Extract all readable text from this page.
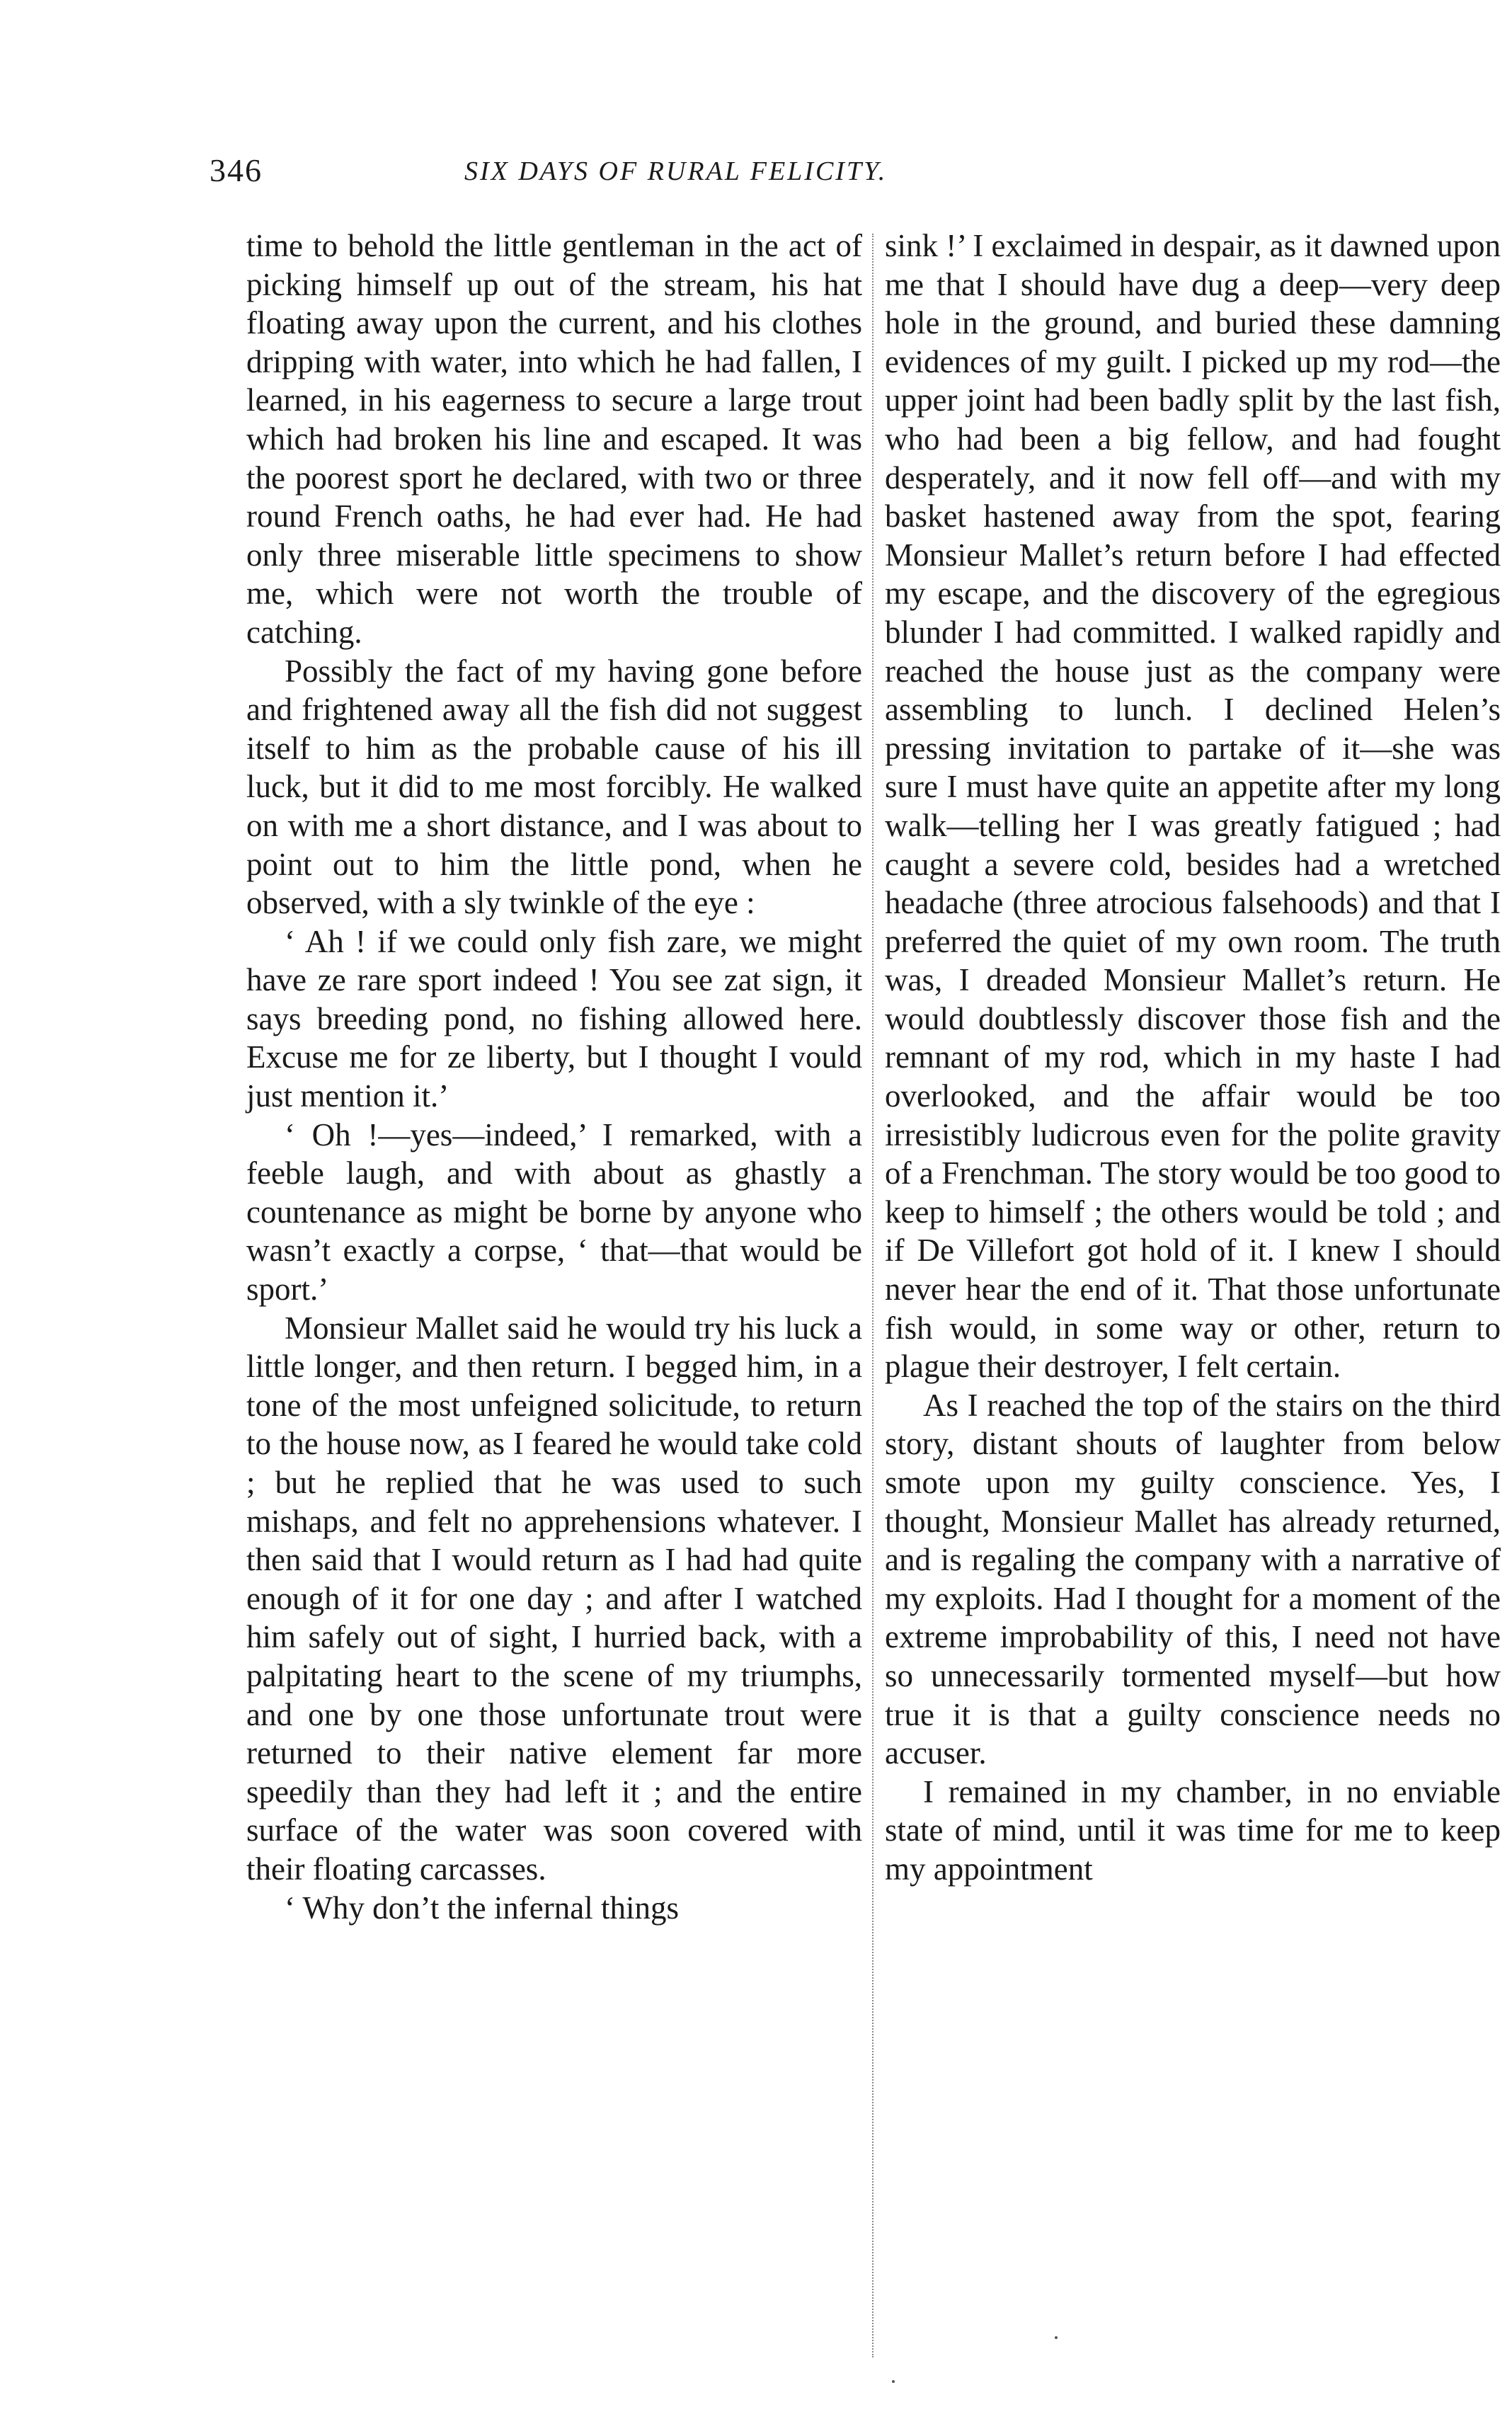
346	SIX DAYS OF RURAL FELICITY.

time to behold the little gentleman in the act of picking himself up out of the stream, his hat floating away upon the current, and his clothes dripping with water, into which he had fallen, I learned, in his eagerness to secure a large trout which had broken his line and escaped. It was the poorest sport he declared, with two or three round French oaths, he had ever had. He had only three miserable little specimens to show me, which were not worth the trouble of catching.

Possibly the fact of my having gone before and frightened away all the fish did not suggest itself to him as the probable cause of his ill luck, but it did to me most forcibly. He walked on with me a short distance, and I was about to point out to him the little pond, when he observed, with a sly twinkle of the eye :

‘ Ah ! if we could only fish zare, we might have ze rare sport indeed ! You see zat sign, it says breeding pond, no fishing allowed here. Excuse me for ze liberty, but I thought I vould just mention it.’

‘ Oh !—yes—indeed,’ I remarked, with a feeble laugh, and with about as ghastly a countenance as might be borne by anyone who wasn’t exactly a corpse, ‘ that—that would be sport.’

Monsieur Mallet said he would try his luck a little longer, and then return. I begged him, in a tone of the most unfeigned solicitude, to return to the house now, as I feared he would take cold ; but he replied that he was used to such mishaps, and felt no apprehensions whatever. I then said that I would return as I had had quite enough of it for one day ; and after I watched him safely out of sight, I hurried back, with a palpitating heart to the scene of my triumphs, and one by one those unfortunate trout were returned to their native element far more speedily than they had left it ; and the entire surface of the water was soon covered with their floating carcasses.

‘ Why don’t the infernal things

sink !’ I exclaimed in despair, as it dawned upon me that I should have dug a deep—very deep hole in the ground, and buried these damning evidences of my guilt. I picked up my rod—the upper joint had been badly split by the last fish, who had been a big fellow, and had fought desperately, and it now fell off—and with my basket hastened away from the spot, fearing Monsieur Mallet’s return before I had effected my escape, and the discovery of the egregious blunder I had committed. I walked rapidly and reached the house just as the company were assembling to lunch. I declined Helen’s pressing invitation to partake of it—she was sure I must have quite an appetite after my long walk—telling her I was greatly fatigued ; had caught a severe cold, besides had a wretched headache (three atrocious falsehoods) and that I preferred the quiet of my own room. The truth was, I dreaded Monsieur Mallet’s return. He would doubtlessly discover those fish and the remnant of my rod, which in my haste I had overlooked, and the affair would be too irresistibly ludicrous even for the polite gravity of a Frenchman. The story would be too good to keep to himself ; the others would be told ; and if De Villefort got hold of it. I knew I should never hear the end of it. That those unfortunate fish would, in some way or other, return to plague their destroyer, I felt certain.

As I reached the top of the stairs on the third story, distant shouts of laughter from below smote upon my guilty conscience. Yes, I thought, Monsieur Mallet has already returned, and is regaling the company with a narrative of my exploits. Had I thought for a moment of the extreme improbability of this, I need not have so unnecessarily tormented myself—but how true it is that a guilty conscience needs no accuser.

I remained in my chamber, in no enviable state of mind, until it was time for me to keep my appointment
